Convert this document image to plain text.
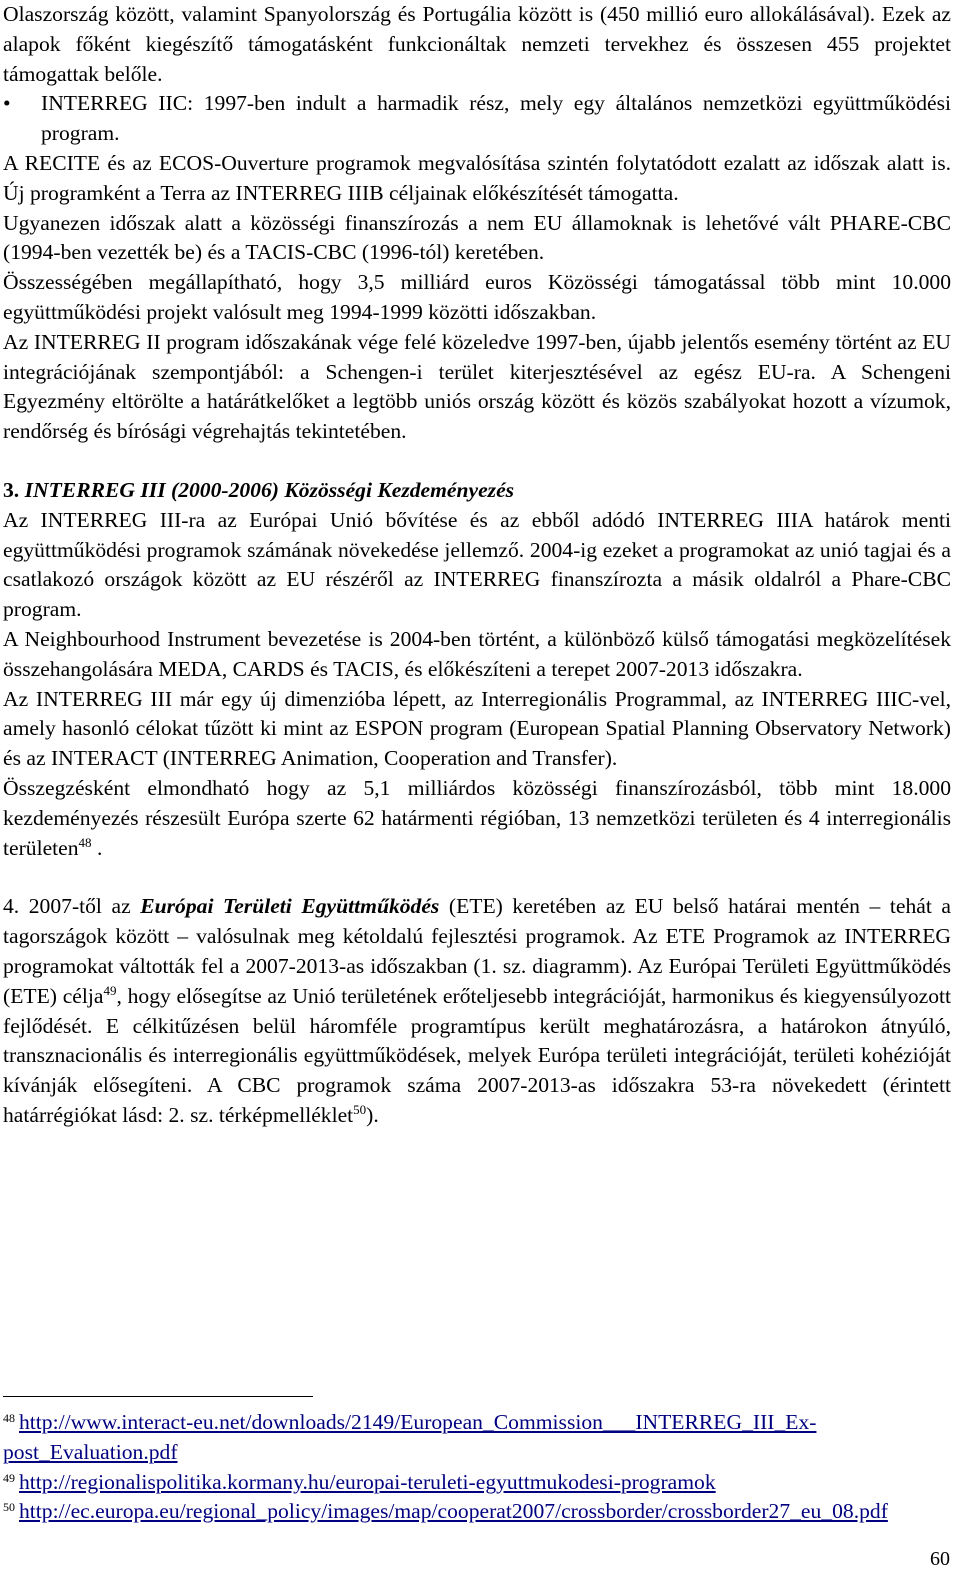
Olaszország között, valamint Spanyolország és Portugália között is (450 millió euro allokálásával). Ezek az alapok főként kiegészítő támogatásként funkcionáltak nemzeti tervekhez és összesen 455 projektet támogattak belőle.

• INTERREG IIC: 1997-ben indult a harmadik rész, mely egy általános nemzetközi együttműködési program.

A RECITE és az ECOS-Ouverture programok megvalósítása szintén folytatódott ezalatt az időszak alatt is. Új programként a Terra az INTERREG IIIB céljainak előkészítését támogatta.

Ugyanezen időszak alatt a közösségi finanszírozás a nem EU államoknak is lehetővé vált PHARE-CBC (1994-ben vezették be) és a TACIS-CBC (1996-tól) keretében.

Összességében megállapítható, hogy 3,5 milliárd euros Közösségi támogatással több mint 10.000 együttműködési projekt valósult meg 1994-1999 közötti időszakban.

Az INTERREG II program időszakának vége felé közeledve 1997-ben, újabb jelentős esemény történt az EU integrációjának szempontjából: a Schengen-i terület kiterjesztésével az egész EU-ra. A Schengeni Egyezmény eltörölte a határátkelőket a legtöbb uniós ország között és közös szabályokat hozott a vízumok, rendőrség és bírósági végrehajtás tekintetében.

3. INTERREG III (2000-2006) Közösségi Kezdeményezés

Az INTERREG III-ra az Európai Unió bővítése és az ebből adódó INTERREG IIIA határok menti együttműködési programok számának növekedése jellemző. 2004-ig ezeket a programokat az unió tagjai és a csatlakozó országok között az EU részéről az INTERREG finanszírozta a másik oldalról a Phare-CBC program.

A Neighbourhood Instrument bevezetése is 2004-ben történt, a különböző külső támogatási megközelítések összehangolására MEDA, CARDS és TACIS, és előkészíteni a terepet 2007-2013 időszakra.

Az INTERREG III már egy új dimenzióba lépett, az Interregionális Programmal, az INTERREG IIIC-vel, amely hasonló célokat tűzött ki mint az ESPON program (European Spatial Planning Observatory Network) és az INTERACT (INTERREG Animation, Cooperation and Transfer).

Összegzésként elmondható hogy az 5,1 milliárdos közösségi finanszírozásból, több mint 18.000 kezdeményezés részesült Európa szerte 62 határmenti régióban, 13 nemzetközi területen és 4 interregionális területen$^{48}$ .

4. 2007-től az Európai Területi Együttműködés (ETE) keretében az EU belső határai mentén – tehát a tagországok között – valósulnak meg kétoldalú fejlesztési programok. Az ETE Programok az INTERREG programokat váltották fel a 2007-2013-as időszakban (1. sz. diagramm). Az Európai Területi Együttműködés (ETE) célja$^{49}$, hogy elősegítse az Unió területének erőteljesebb integrációját, harmonikus és kiegyensúlyozott fejlődését. E célkitűzésen belül háromféle programtípus került meghatározásra, a határokon átnyúló, transznacionális és interregionális együttműködések, melyek Európa területi integrációját, területi kohézióját kívánják elősegíteni. A CBC programok száma 2007-2013-as időszakra 53-ra növekedett (érintett határrégiókat lásd: 2. sz. térképmelléklet$^{50}$).

$^{48}$ http://www.interact-eu.net/downloads/2149/European_Commission___INTERREG_III_Ex-post_Evaluation.pdf

$^{49}$ http://regionalispolitika.kormany.hu/europai-teruleti-egyuttmukodesi-programok

$^{50}$ http://ec.europa.eu/regional_policy/images/map/cooperat2007/crossborder/crossborder27_eu_08.pdf

60
